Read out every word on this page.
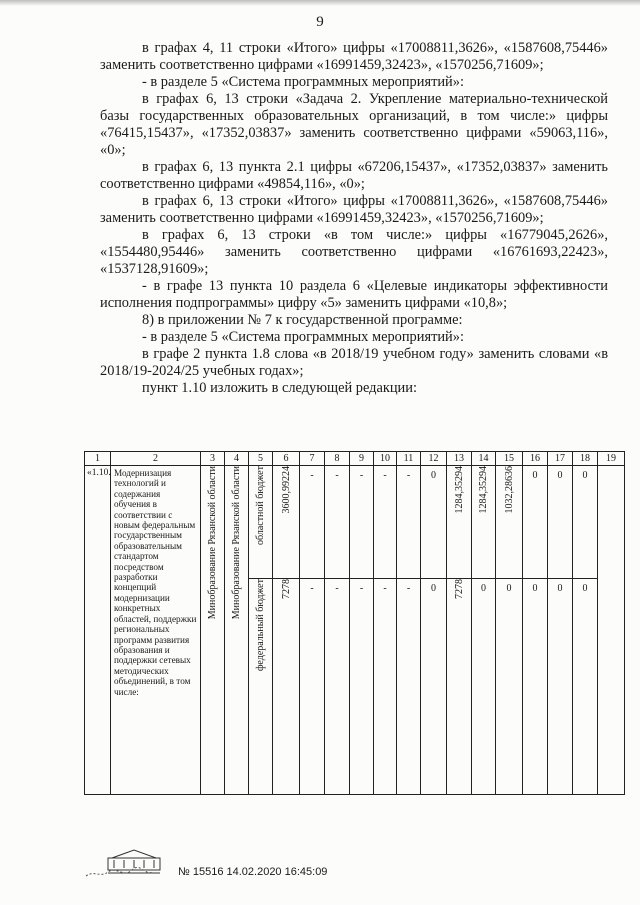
9

в графах 4, 11 строки «Итого» цифры «17008811,3626», «1587608,75446» заменить соответственно цифрами «16991459,32423», «1570256,71609»;

- в разделе 5 «Система программных мероприятий»:

в графах 6, 13 строки «Задача 2. Укрепление материально-технической базы государственных образовательных организаций, в том числе:» цифры «76415,15437», «17352,03837» заменить соответственно цифрами «59063,116», «0»;

в графах 6, 13 пункта 2.1 цифры «67206,15437», «17352,03837» заменить соответственно цифрами «49854,116», «0»;

в графах 6, 13 строки «Итого» цифры «17008811,3626», «1587608,75446» заменить соответственно цифрами «16991459,32423», «1570256,71609»;

в графах 6, 13 строки «в том числе:» цифры «16779045,2626», «1554480,95446» заменить соответственно цифрами «16761693,22423», «1537128,91609»;

- в графе 13 пункта 10 раздела 6 «Целевые индикаторы эффективности исполнения подпрограммы» цифру «5» заменить цифрами «10,8»;

8) в приложении № 7 к государственной программе:

- в разделе 5 «Система программных мероприятий»:

в графе 2 пункта 1.8 слова «в 2018/19 учебном году» заменить словами «в 2018/19-2024/25 учебных годах»;

пункт 1.10 изложить в следующей редакции:

1	2	3	4	5	6	7	8	9	10	11	12	13	14	15	16	17	18	19
«1.10.	Модернизация технологий и содержания обучения в соответствии с новым федеральным государственным образовательным стандартом посредством разработки концепций модернизации конкретных областей, поддержки региональных программ развития образования и поддержки сетевых методических объединений, в том числе:	Минобразование Рязанской области	Минобразование Рязанской области	областной бюджет	3600,99224	-	-	-	-	-	0	1284,35294	1284,35294	1032,28636	0	0	0	
				федеральный бюджет	7278	-	-	-	-	-	0	7278	0	0	0	0	0	
№ 15516 14.02.2020 16:45:09
